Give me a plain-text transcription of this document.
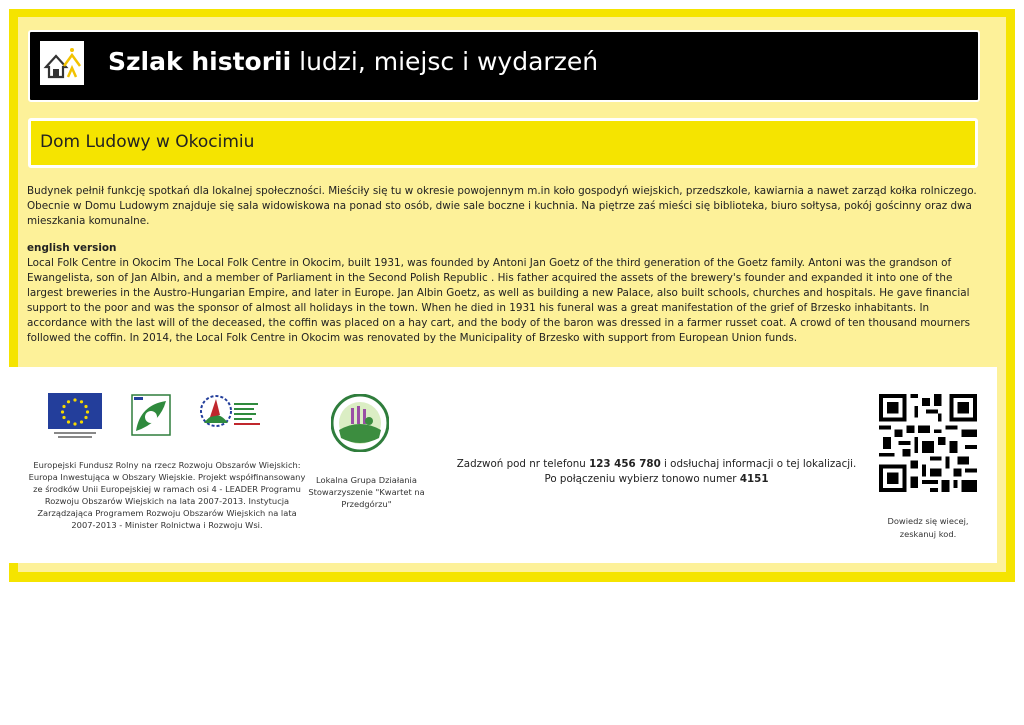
Szlak historii ludzi, miejsc i wydarzeń
Dom Ludowy w Okocimiu

Budynek pełnił funkcję spotkań dla lokalnej społeczności. Mieściły się tu w okresie powojennym m.in koło gospodyń wiejskich, przedszkole, kawiarnia a nawet zarząd kołka rolniczego. Obecnie w Domu Ludowym znajduje się sala widowiskowa na ponad sto osób, dwie sale boczne i kuchnia. Na piętrze zaś mieści się biblioteka, biuro sołtysa, pokój gościnny oraz dwa mieszkania komunalne.

english version

Local Folk Centre in Okocim The Local Folk Centre in Okocim, built 1931, was founded by Antoni Jan Goetz of the third generation of the Goetz family. Antoni was the grandson of Ewangelista, son of Jan Albin, and a member of Parliament in the Second Polish Republic . His father acquired the assets of the brewery's founder and expanded it into one of the largest breweries in the Austro-Hungarian Empire, and later in Europe. Jan Albin Goetz, as well as building a new Palace, also built schools, churches and hospitals. He gave financial support to the poor and was the sponsor of almost all holidays in the town. When he died in 1931 his funeral was a great manifestation of the grief of Brzesko inhabitants. In accordance with the last will of the deceased, the coffin was placed on a hay cart, and the body of the baron was dressed in a farmer russet coat. A crowd of ten thousand mourners followed the coffin. In 2014, the Local Folk Centre in Okocim was renovated by the Municipality of Brzesko with support from European Union funds.

Europejski Fundusz Rolny na rzecz Rozwoju Obszarów Wiejskich: Europa Inwestująca w Obszary Wiejskie. Projekt współfinansowany ze środków Unii Europejskiej w ramach osi 4 - LEADER Programu Rozwoju Obszarów Wiejskich na lata 2007-2013. Instytucja Zarządzająca Programem Rozwoju Obszarów Wiejskich na lata 2007-2013 - Minister Rolnictwa i Rozwoju Wsi.
Lokalna Grupa Działania Stowarzyszenie "Kwartet na Przedgórzu"
Zadzwoń pod nr telefonu 123 456 780 i odsłuchaj informacji o tej lokalizacji.
Po połączeniu wybierz tonowo numer 4151
Dowiedz się wiecej, zeskanuj kod.
